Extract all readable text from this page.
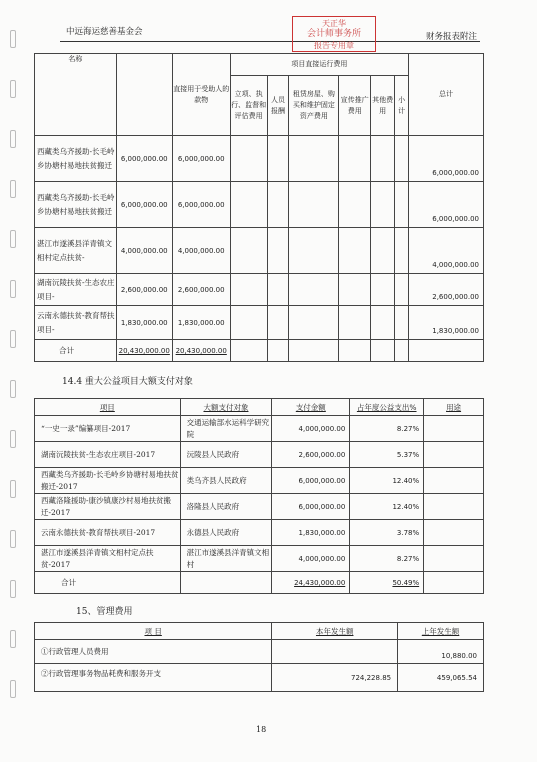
中远海运慈善基金会	财务报表附注
天正华
会计师事务所
报告专用章
名称		直接用于受助人的款物	项目直接运行费用						总计
			立项、执行、监督和评估费用	人员报酬	租赁房屋、购买和维护固定资产费用	宣传推广费用	其他费用	小计	
西藏类乌齐援助-长毛岭乡协塘村易地扶贫搬迁	6,000,000.00	6,000,000.00							6,000,000.00
西藏类乌齐援助-长毛岭乡协塘村易地扶贫搬迁	6,000,000.00	6,000,000.00							6,000,000.00
湛江市遂溪县洋青镇文相村定点扶贫-	4,000,000.00	4,000,000.00							4,000,000.00
湖南沅陵扶贫-生态农庄项目-	2,600,000.00	2,600,000.00							2,600,000.00
云南永德扶贫-教育帮扶项目-	1,830,000.00	1,830,000.00							1,830,000.00
合计	20,430,000.00	20,430,000.00							
14.4 重大公益项目大额支付对象
项目	大额支付对象	支付金额	占年度公益支出%	用途
“一史一录”编纂项目-2017	交通运输部水运科学研究院	4,000,000.00	8.27%	
湖南沅陵扶贫-生态农庄项目-2017	沅陵县人民政府	2,600,000.00	5.37%	
西藏类乌齐援助-长毛岭乡协塘村易地扶贫搬迁-2017	类乌齐县人民政府	6,000,000.00	12.40%	
西藏洛隆援助-康沙镇康沙村易地扶贫搬迁-2017	洛隆县人民政府	6,000,000.00	12.40%	
云南永德扶贫-教育帮扶项目-2017	永德县人民政府	1,830,000.00	3.78%	
湛江市遂溪县洋青镇文相村定点扶贫-2017	湛江市遂溪县洋青镇文相村	4,000,000.00	8.27%	
合计		24,430,000.00	50.49%	
15、管理费用
项 目	本年发生额	上年发生额
①行政管理人员费用		10,880.00
②行政管理事务物品耗费和服务开支	724,228.85	459,065.54
18
